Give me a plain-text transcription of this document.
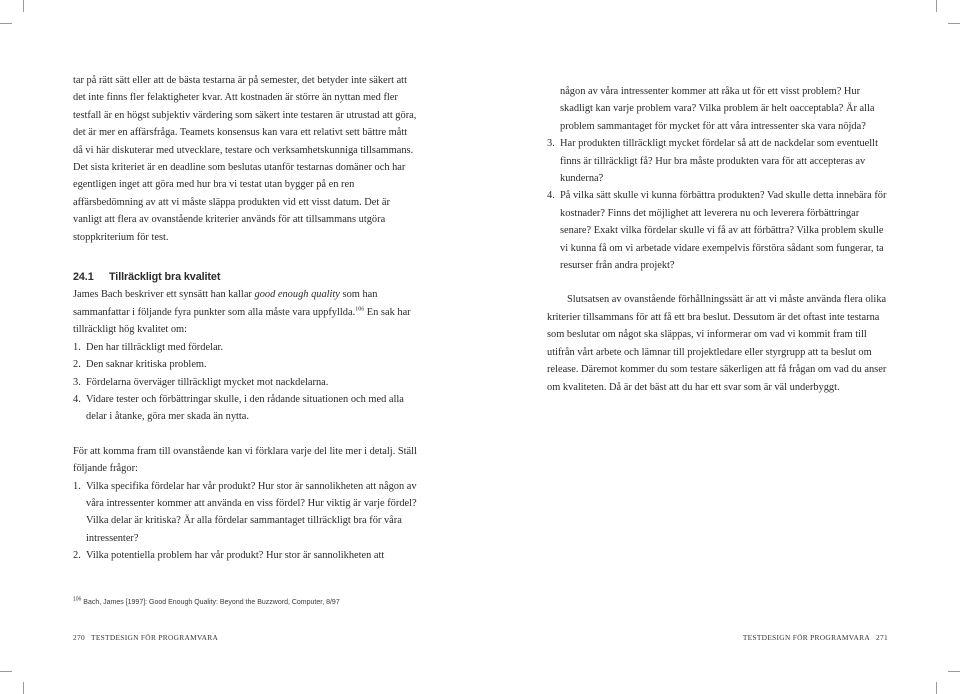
tar på rätt sätt eller att de bästa testarna är på semester, det betyder inte säkert att det inte finns fler felaktigheter kvar. Att kostnaden är större än nyttan med fler testfall är en högst subjektiv värdering som säkert inte testaren är utrustad att göra, det är mer en affärsfråga. Teamets konsensus kan vara ett relativt sett bättre mått då vi här diskuterar med utvecklare, testare och verksamhetskunniga tillsammans. Det sista kriteriet är en deadline som beslutas utanför testarnas domäner och har egentligen inget att göra med hur bra vi testat utan bygger på en ren affärsbedömning av att vi måste släppa produkten vid ett visst datum. Det är vanligt att flera av ovanstående kriterier används för att tillsammans utgöra stoppkriterium för test.

24.1 Tillräckligt bra kvalitet

James Bach beskriver ett synsätt han kallar good enough quality som han sammanfattar i följande fyra punkter som alla måste vara uppfyllda.$^{106}$ En sak har tillräckligt hög kvalitet om:

1. Den har tillräckligt med fördelar.
2. Den saknar kritiska problem.
3. Fördelarna överväger tillräckligt mycket mot nackdelarna.
4. Vidare tester och förbättringar skulle, i den rådande situationen och med alla delar i åtanke, göra mer skada än nytta.

För att komma fram till ovanstående kan vi förklara varje del lite mer i detalj. Ställ följande frågor:

1. Vilka specifika fördelar har vår produkt? Hur stor är sannolikheten att någon av våra intressenter kommer att använda en viss fördel? Hur viktig är varje fördel? Vilka delar är kritiska? Är alla fördelar sammantaget tillräckligt bra för våra intressenter?
2. Vilka potentiella problem har vår produkt? Hur stor är sannolikheten att
$^{106}$ Bach, James [1997]: Good Enough Quality: Beyond the Buzzword, Computer, 8/97

någon av våra intressenter kommer att råka ut för ett visst problem? Hur skadligt kan varje problem vara? Vilka problem är helt oacceptabla? Är alla problem sammantaget för mycket för att våra intressenter ska vara nöjda?

3. Har produkten tillräckligt mycket fördelar så att de nackdelar som eventuellt finns är tillräckligt få? Hur bra måste produkten vara för att accepteras av kunderna?
4. På vilka sätt skulle vi kunna förbättra produkten? Vad skulle detta innebära för kostnader? Finns det möjlighet att leverera nu och leverera förbättringar senare? Exakt vilka fördelar skulle vi få av att förbättra? Vilka problem skulle vi kunna få om vi arbetade vidare exempelvis förstöra sådant som fungerar, ta resurser från andra projekt?

Slutsatsen av ovanstående förhållningssätt är att vi måste använda flera olika kriterier tillsammans för att få ett bra beslut. Dessutom är det oftast inte testarna som beslutar om något ska släppas, vi informerar om vad vi kommit fram till utifrån vårt arbete och lämnar till projektledare eller styrgrupp att ta beslut om release. Däremot kommer du som testare säkerligen att få frågan om vad du anser om kvaliteten. Då är det bäst att du har ett svar som är väl underbyggt.

270 TESTDESIGN FÖR PROGRAMVARA	TESTDESIGN FÖR PROGRAMVARA 271
